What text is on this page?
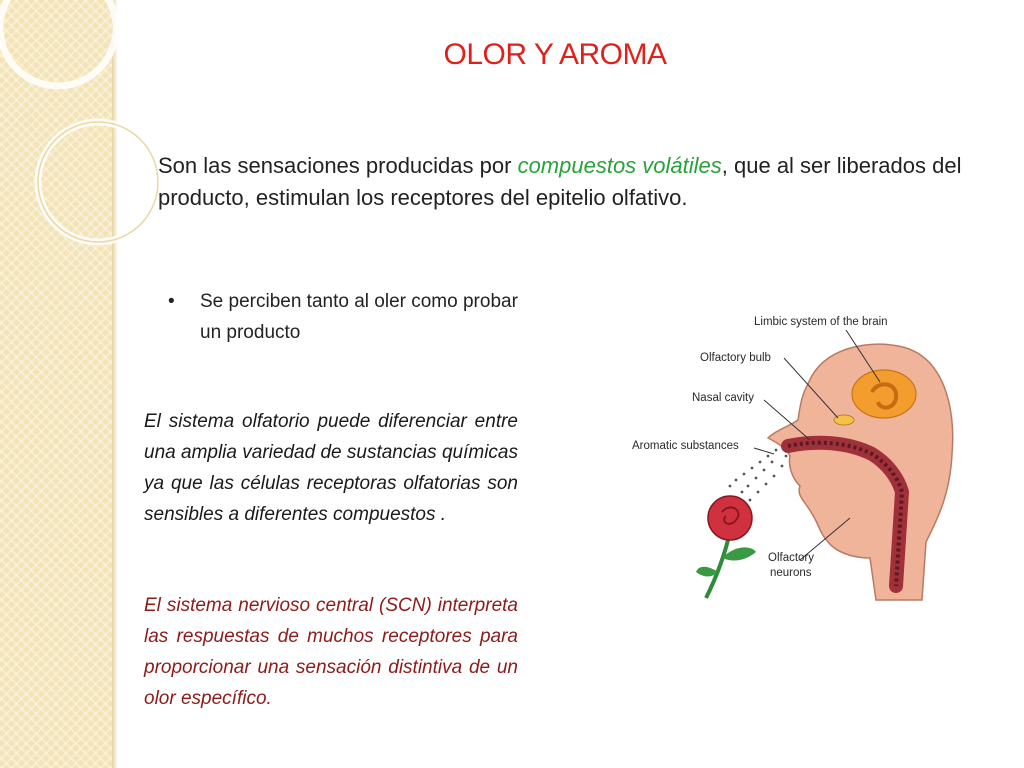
OLOR Y AROMA
Son las sensaciones producidas por compuestos volátiles, que al ser liberados del producto, estimulan los receptores del epitelio olfativo.
•	Se perciben tanto al oler como probar un producto
El sistema olfatorio puede diferenciar entre una amplia variedad de sustancias químicas ya que las células receptoras olfatorias son sensibles a diferentes compuestos .
El sistema nervioso central (SCN) interpreta las respuestas de muchos receptores para proporcionar una sensación distintiva de un olor específico.
Limbic system of the brain
Olfactory bulb
Nasal cavity
Aromatic substances
Olfactory
neurons
